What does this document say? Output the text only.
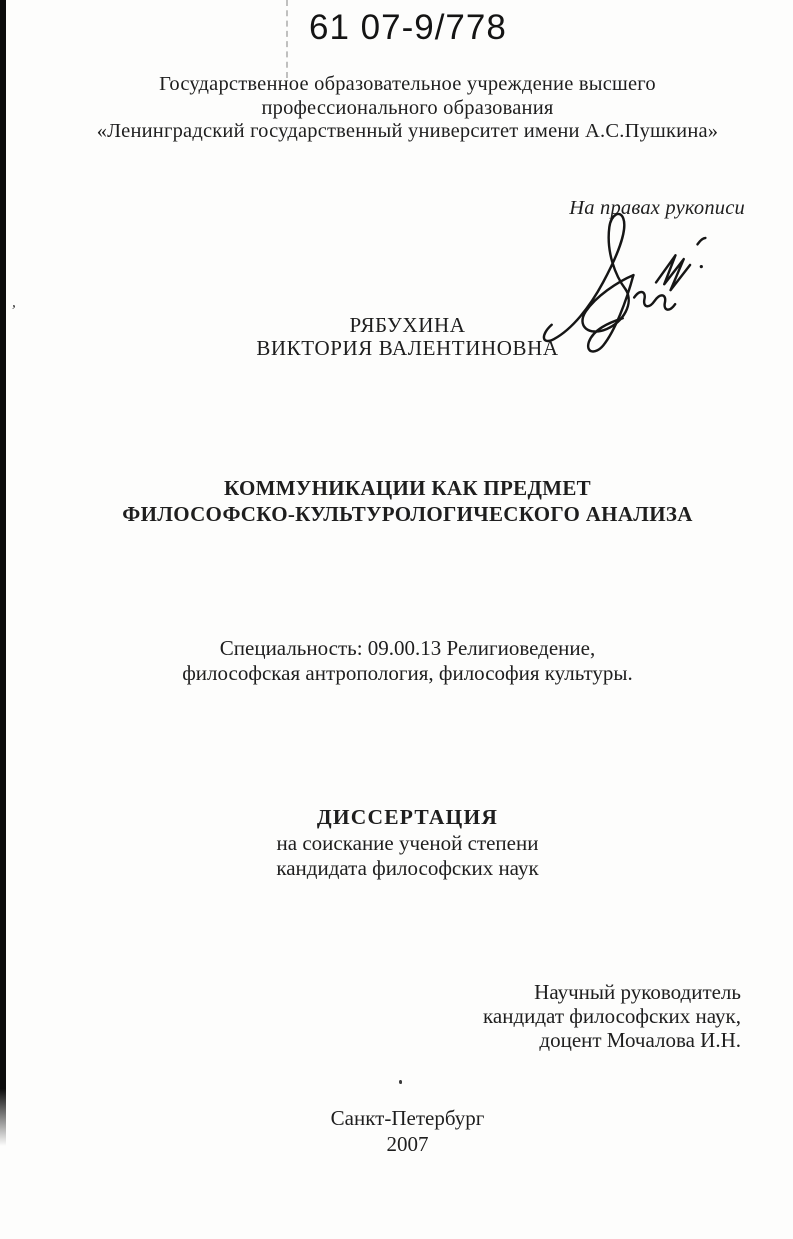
61 07-9/778
Государственное образовательное учреждение высшего
профессионального образования
«Ленинградский государственный университет имени А.С.Пушкина»
На правах рукописи
’
РЯБУХИНА
ВИКТОРИЯ ВАЛЕНТИНОВНА
КОММУНИКАЦИИ КАК ПРЕДМЕТ
ФИЛОСОФСКО-КУЛЬТУРОЛОГИЧЕСКОГО АНАЛИЗА
Специальность: 09.00.13 Религиоведение,
философская антропология, философия культуры.
ДИССЕРТАЦИЯ
на соискание ученой степени
кандидата философских наук
Научный руководитель
кандидат философских наук,
доцент Мочалова И.Н.
Санкт-Петербург
2007
